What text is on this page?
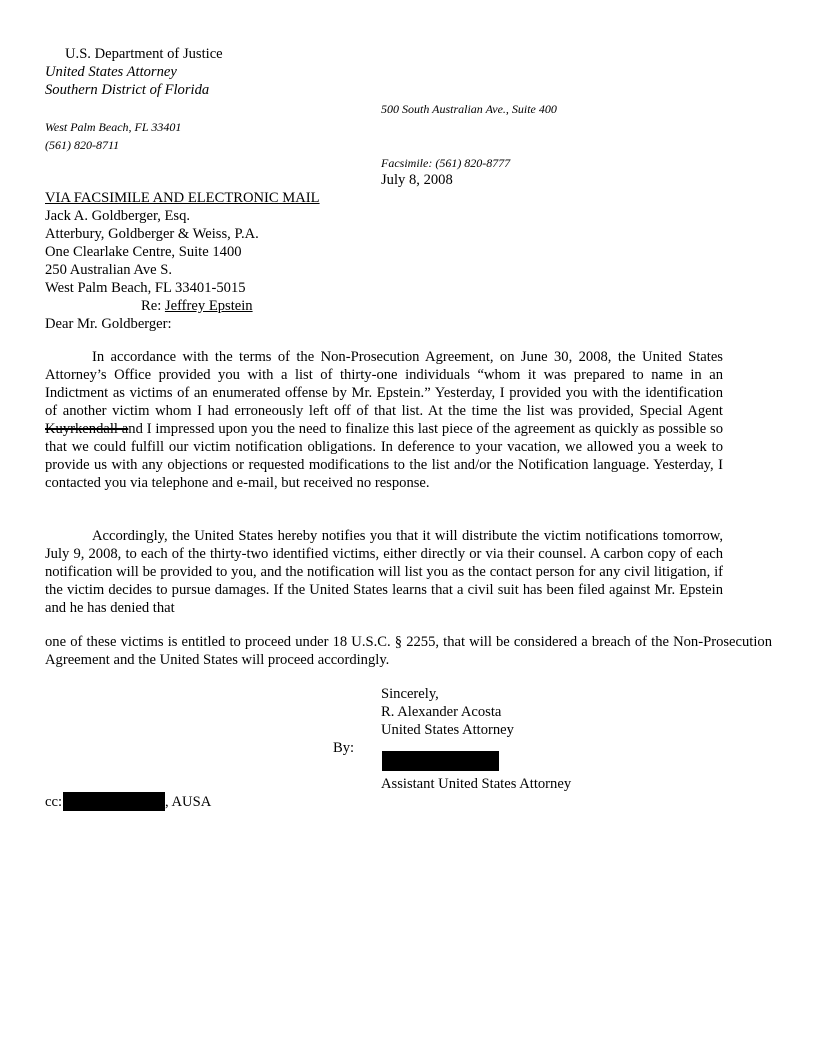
U.S. Department of Justice
United States Attorney
Southern District of Florida
500 South Australian Ave., Suite 400
West Palm Beach, FL 33401
(561) 820-8711
Facsimile: (561) 820-8777
July 8, 2008
VIA FACSIMILE AND ELECTRONIC MAIL
Jack A. Goldberger, Esq.
Atterbury, Goldberger & Weiss, P.A.
One Clearlake Centre, Suite 1400
250 Australian Ave S.
West Palm Beach, FL 33401-5015
Re: Jeffrey Epstein
Dear Mr. Goldberger:
In accordance with the terms of the Non-Prosecution Agreement, on June 30, 2008, the United States Attorney’s Office provided you with a list of thirty-one individuals “whom it was prepared to name in an Indictment as victims of an enumerated offense by Mr. Epstein.” Yesterday, I provided you with the identification of another victim whom I had erroneously left off of that list. At the time the list was provided, Special Agent Kuyrkendall and I impressed upon you the need to finalize this last piece of the agreement as quickly as possible so that we could fulfill our victim notification obligations. In deference to your vacation, we allowed you a week to provide us with any objections or requested modifications to the list and/or the Notification language. Yesterday, I contacted you via telephone and e-mail, but received no response.
Accordingly, the United States hereby notifies you that it will distribute the victim notifications tomorrow, July 9, 2008, to each of the thirty-two identified victims, either directly or via their counsel. A carbon copy of each notification will be provided to you, and the notification will list you as the contact person for any civil litigation, if the victim decides to pursue damages. If the United States learns that a civil suit has been filed against Mr. Epstein and he has denied that
one of these victims is entitled to proceed under 18 U.S.C. § 2255, that will be considered a breach of the Non-Prosecution Agreement and the United States will proceed accordingly.
Sincerely,
R. Alexander Acosta
United States Attorney
By:
Assistant United States Attorney
cc:	, AUSA
